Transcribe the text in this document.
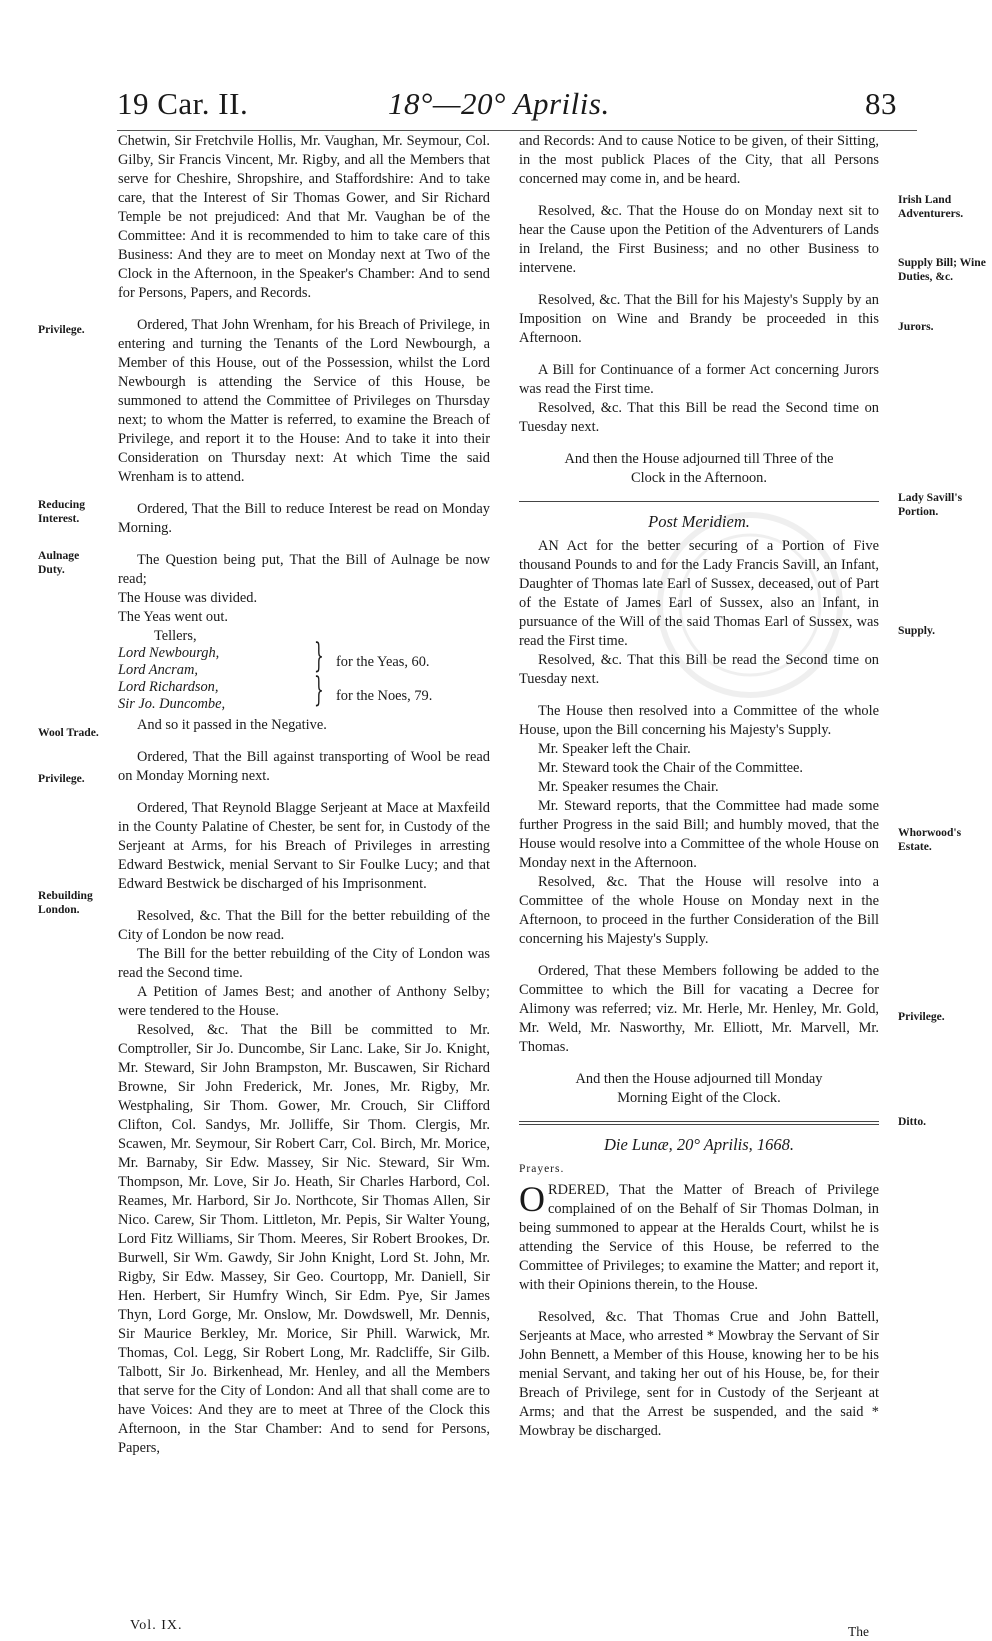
19 Car. II.	18°—20° Aprilis.	83
Privilege.
Reducing Interest.
Aulnage Duty.
Wool Trade.
Privilege.
Rebuilding London.
Irish Land Adventurers.
Supply Bill; Wine Duties, &c.
Jurors.
Lady Savill's Portion.
Supply.
Whorwood's Estate.
Privilege.
Ditto.

Chetwin, Sir Fretchvile Hollis, Mr. Vaughan, Mr. Seymour, Col. Gilby, Sir Francis Vincent, Mr. Rigby, and all the Members that serve for Cheshire, Shropshire, and Staffordshire: And to take care, that the Interest of Sir Thomas Gower, and Sir Richard Temple be not prejudiced: And that Mr. Vaughan be of the Committee: And it is recommended to him to take care of this Business: And they are to meet on Monday next at Two of the Clock in the Afternoon, in the Speaker's Chamber: And to send for Persons, Papers, and Records.

Ordered, That John Wrenham, for his Breach of Privilege, in entering and turning the Tenants of the Lord Newbourgh, a Member of this House, out of the Possession, whilst the Lord Newbourgh is attending the Service of this House, be summoned to attend the Committee of Privileges on Thursday next; to whom the Matter is referred, to examine the Breach of Privilege, and report it to the House: And to take it into their Consideration on Thursday next: At which Time the said Wrenham is to attend.

Ordered, That the Bill to reduce Interest be read on Monday Morning.

The Question being put, That the Bill of Aulnage be now read;

The House was divided.

The Yeas went out.

Tellers,
Lord Newbourgh,
Lord Ancram,	} for the Yeas, 60.
Lord Richardson,
Sir Jo. Duncombe,	} for the Noes, 79.

And so it passed in the Negative.

Ordered, That the Bill against transporting of Wool be read on Monday Morning next.

Ordered, That Reynold Blagge Serjeant at Mace at Maxfeild in the County Palatine of Chester, be sent for, in Custody of the Serjeant at Arms, for his Breach of Privileges in arresting Edward Bestwick, menial Servant to Sir Foulke Lucy; and that Edward Bestwick be discharged of his Imprisonment.

Resolved, &c. That the Bill for the better rebuilding of the City of London be now read.

The Bill for the better rebuilding of the City of London was read the Second time.

A Petition of James Best; and another of Anthony Selby; were tendered to the House.

Resolved, &c. That the Bill be committed to Mr. Comptroller, Sir Jo. Duncombe, Sir Lanc. Lake, Sir Jo. Knight, Mr. Steward, Sir John Brampston, Mr. Buscawen, Sir Richard Browne, Sir John Frederick, Mr. Jones, Mr. Rigby, Mr. Westphaling, Sir Thom. Gower, Mr. Crouch, Sir Clifford Clifton, Col. Sandys, Mr. Jolliffe, Sir Thom. Clergis, Mr. Scawen, Mr. Seymour, Sir Robert Carr, Col. Birch, Mr. Morice, Mr. Barnaby, Sir Edw. Massey, Sir Nic. Steward, Sir Wm. Thompson, Mr. Love, Sir Jo. Heath, Sir Charles Harbord, Col. Reames, Mr. Harbord, Sir Jo. Northcote, Sir Thomas Allen, Sir Nico. Carew, Sir Thom. Littleton, Mr. Pepis, Sir Walter Young, Lord Fitz Williams, Sir Thom. Meeres, Sir Robert Brookes, Dr. Burwell, Sir Wm. Gawdy, Sir John Knight, Lord St. John, Mr. Rigby, Sir Edw. Massey, Sir Geo. Courtopp, Mr. Daniell, Sir Hen. Herbert, Sir Humfry Winch, Sir Edm. Pye, Sir James Thyn, Lord Gorge, Mr. Onslow, Mr. Dowdswell, Mr. Dennis, Sir Maurice Berkley, Mr. Morice, Sir Phill. Warwick, Mr. Thomas, Col. Legg, Sir Robert Long, Mr. Radcliffe, Sir Gilb. Talbott, Sir Jo. Birkenhead, Mr. Henley, and all the Members that serve for the City of London: And all that shall come are to have Voices: And they are to meet at Three of the Clock this Afternoon, in the Star Chamber: And to send for Persons, Papers,

and Records: And to cause Notice to be given, of their Sitting, in the most publick Places of the City, that all Persons concerned may come in, and be heard.

Resolved, &c. That the House do on Monday next sit to hear the Cause upon the Petition of the Adventurers of Lands in Ireland, the First Business; and no other Business to intervene.

Resolved, &c. That the Bill for his Majesty's Supply by an Imposition on Wine and Brandy be proceeded in this Afternoon.

A Bill for Continuance of a former Act concerning Jurors was read the First time.

Resolved, &c. That this Bill be read the Second time on Tuesday next.

And then the House adjourned till Three of the Clock in the Afternoon.

Post Meridiem.

AN Act for the better securing of a Portion of Five thousand Pounds to and for the Lady Francis Savill, an Infant, Daughter of Thomas late Earl of Sussex, deceased, out of Part of the Estate of James Earl of Sussex, also an Infant, in pursuance of the Will of the said Thomas Earl of Sussex, was read the First time.

Resolved, &c. That this Bill be read the Second time on Tuesday next.

The House then resolved into a Committee of the whole House, upon the Bill concerning his Majesty's Supply.

Mr. Speaker left the Chair.

Mr. Steward took the Chair of the Committee.

Mr. Speaker resumes the Chair.

Mr. Steward reports, that the Committee had made some further Progress in the said Bill; and humbly moved, that the House would resolve into a Committee of the whole House on Monday next in the Afternoon.

Resolved, &c. That the House will resolve into a Committee of the whole House on Monday next in the Afternoon, to proceed in the further Consideration of the Bill concerning his Majesty's Supply.

Ordered, That these Members following be added to the Committee to which the Bill for vacating a Decree for Alimony was referred; viz. Mr. Herle, Mr. Henley, Mr. Gold, Mr. Weld, Mr. Nasworthy, Mr. Elliott, Mr. Marvell, Mr. Thomas.

And then the House adjourned till Monday Morning Eight of the Clock.

Die Lunæ, 20° Aprilis, 1668.
Prayers.

ORDERED, That the Matter of Breach of Privilege complained of on the Behalf of Sir Thomas Dolman, in being summoned to appear at the Heralds Court, whilst he is attending the Service of this House, be referred to the Committee of Privileges; to examine the Matter; and report it, with their Opinions therein, to the House.

Resolved, &c. That Thomas Crue and John Battell, Serjeants at Mace, who arrested * Mowbray the Servant of Sir John Bennett, a Member of this House, knowing her to be his menial Servant, and taking her out of his House, be, for their Breach of Privilege, sent for in Custody of the Serjeant at Arms; and that the Arrest be suspended, and the said * Mowbray be discharged.

Vol. IX.	The
